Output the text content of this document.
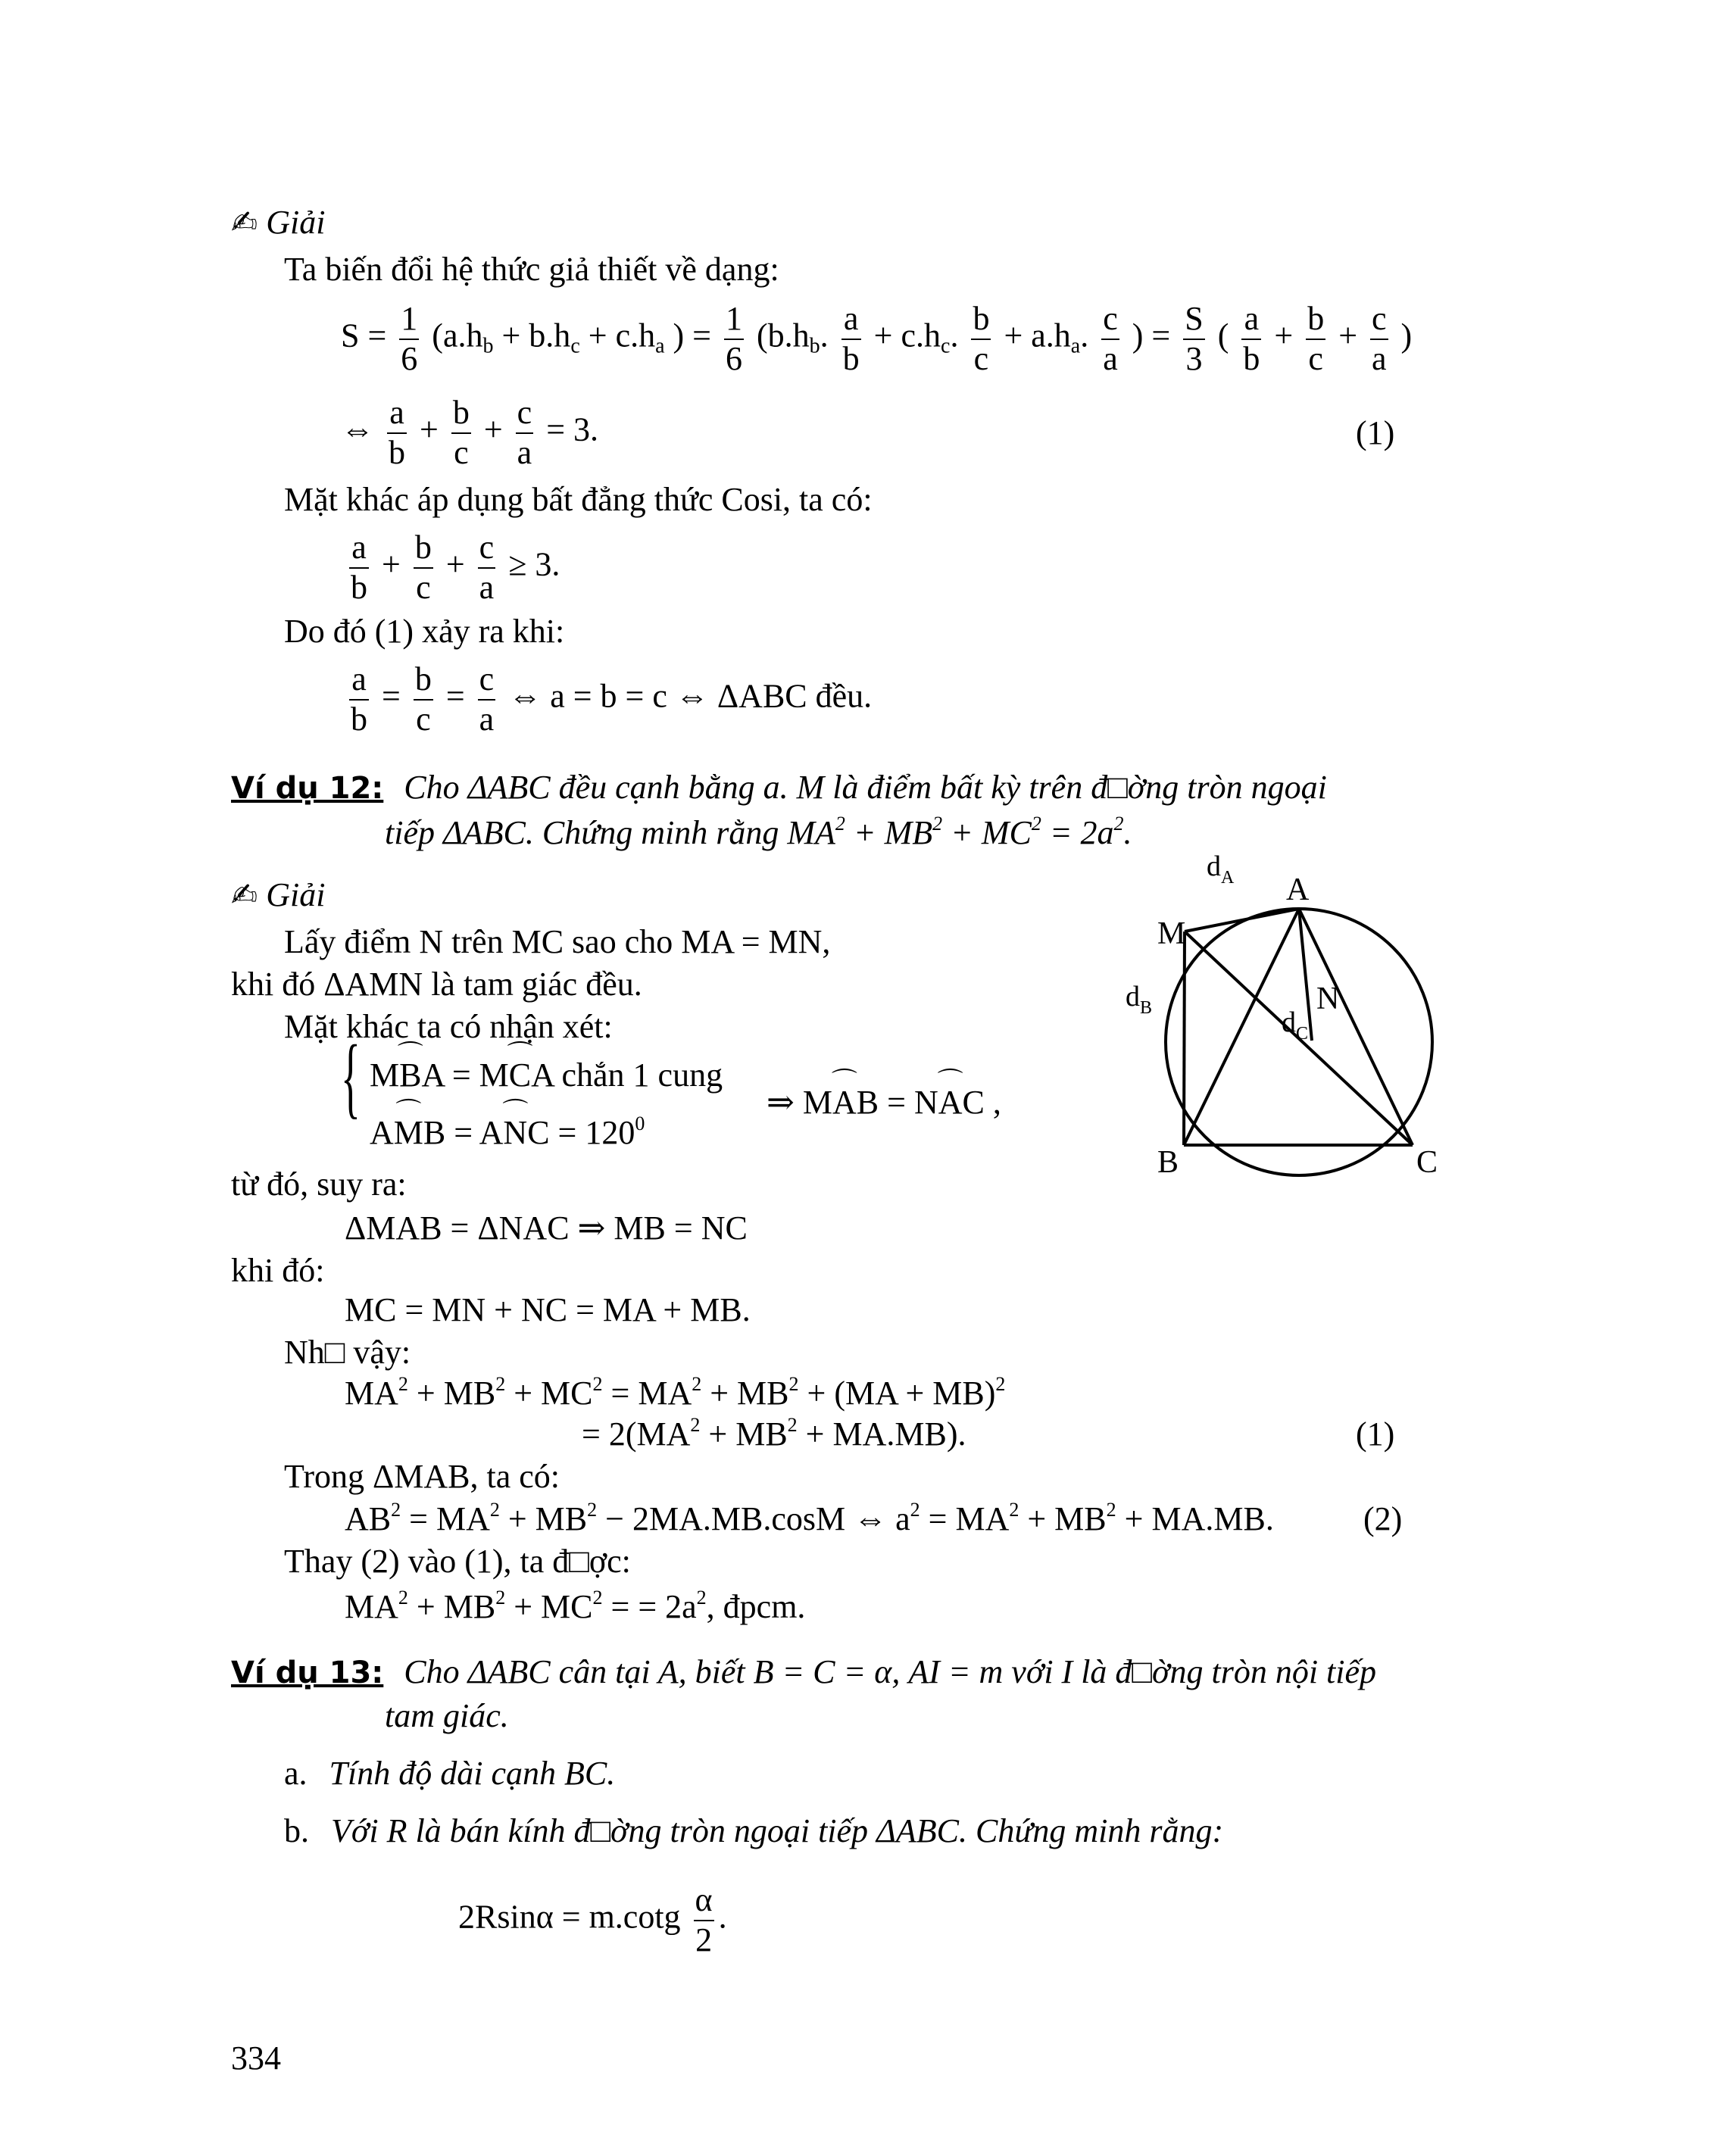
✍ Giải
Ta biến đổi hệ thức giả thiết về dạng:
$S = \frac{1}{6} (a.h_b + b.h_c + c.h_a$ ) = $\frac{1}{6} (b.h_b$. $\frac{a}{b} + c.h_c$. $\frac{b}{c} + a.h_a$. $\frac{c}{a}$ ) = $\frac{S}{3}$ ( $\frac{a}{b} + \frac{b}{c} + \frac{c}{a}$ )
⇔ $\frac{a}{b} + \frac{b}{c} + \frac{c}{a} = 3$.	(1)
Mặt khác áp dụng bất đẳng thức Cosi, ta có:
$\frac{a}{b} + \frac{b}{c} + \frac{c}{a} \ge 3$.
Do đó (1) xảy ra khi:
$\frac{a}{b} = \frac{b}{c} = \frac{c}{a}$ ⇔ a = b = c ⇔ ΔABC đều.
Ví dụ 12: Cho ΔABC đều cạnh bằng a. M là điểm bất kỳ trên đ□ờng tròn ngoại
tiếp ΔABC. Chứng minh rằng $MA^2 + MB^2 + MC^2 = 2a^2$.
✍ Giải
Lấy điểm N trên MC sao cho MA = MN,
khi đó ΔAMN là tam giác đều.
Mặt khác ta có nhận xét:
{ M⌒ BA = M⌒ CA chắn 1 cung
A⌒ MB = A⌒ NC = $120^0$
⇒ M⌒ AB = N⌒ AC ,
từ đó, suy ra:
ΔMAB = ΔNAC ⇒ MB = NC
khi đó:
MC = MN + NC = MA + MB.
Nh□ vậy:
$MA^2 + MB^2 + MC^2 = MA^2 + MB^2 + (MA + MB)^2$
= $2(MA^2 + MB^2 + MA.MB)$.	(1)
Trong ΔMAB, ta có:
$AB^2 = MA^2 + MB^2 - 2MA.MB.\cos M$ ⇔ $a^2 = MA^2 + MB^2 + MA.MB$.	(2)
Thay (2) vào (1), ta đ□ợc:
$MA^2 + MB^2 + MC^2$ = = $2a^2$, đpcm.
A
M
N
B	C
$d_A$
$d_B$	$d_C$
Ví dụ 13: Cho ΔABC cân tại A, biết B = C = α, AI = m với I là đ□ờng tròn nội tiếp
tam giác.
a. Tính độ dài cạnh BC.
b. Với R là bán kính đ□ờng tròn ngoại tiếp ΔABC. Chứng minh rằng:
$2Rsin\alpha = m.\cot g \frac{\alpha}{2}$ .
334
